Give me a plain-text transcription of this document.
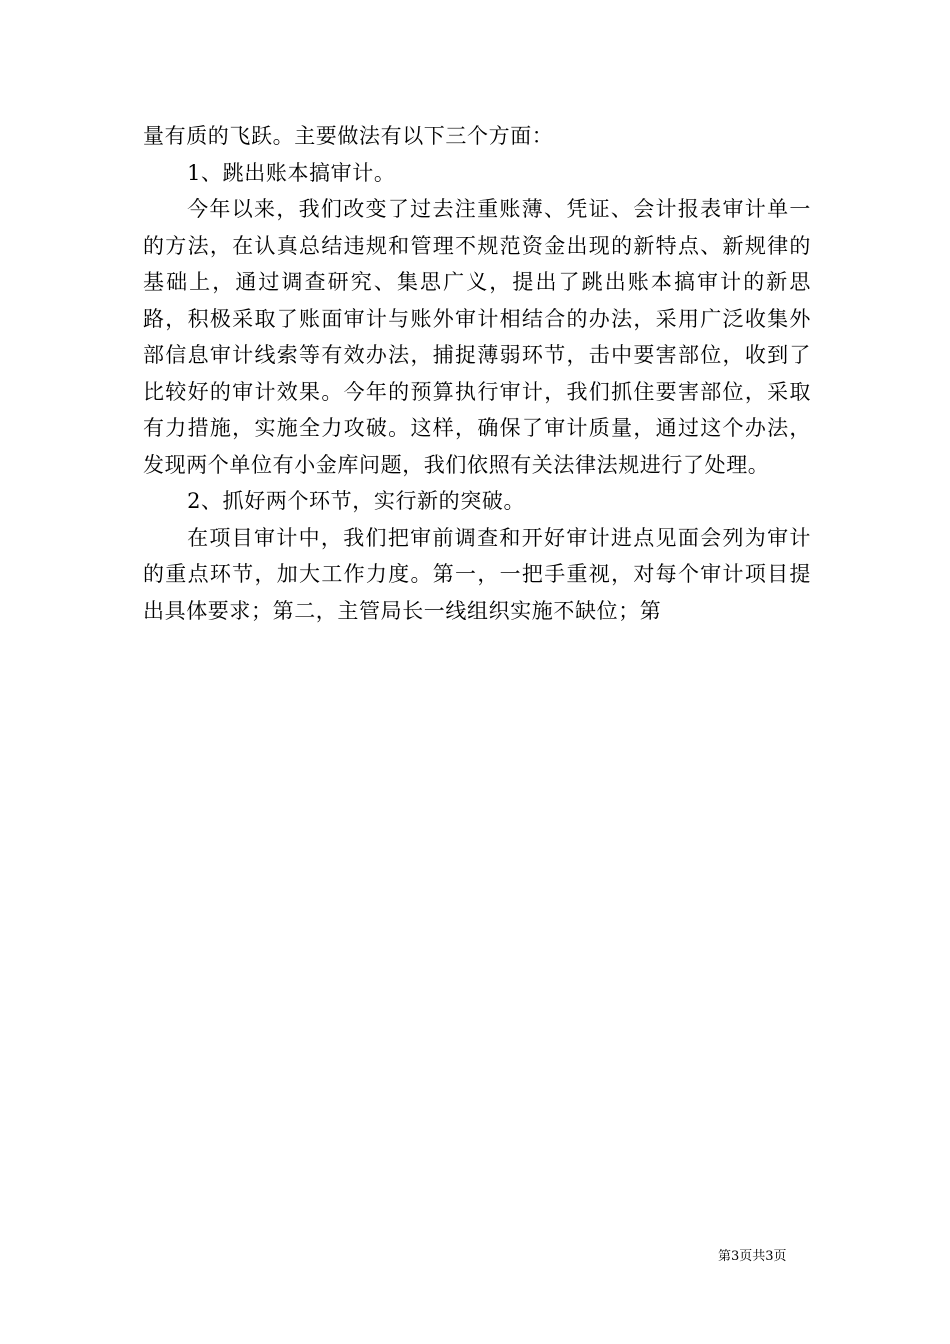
量有质的飞跃。主要做法有以下三个方面：

1、跳出账本搞审计。

今年以来，我们改变了过去注重账薄、凭证、会计报表审计单一的方法，在认真总结违规和管理不规范资金出现的新特点、新规律的基础上，通过调查研究、集思广义，提出了跳出账本搞审计的新思路，积极采取了账面审计与账外审计相结合的办法，采用广泛收集外部信息审计线索等有效办法，捕捉薄弱环节，击中要害部位，收到了比较好的审计效果。今年的预算执行审计，我们抓住要害部位，采取有力措施，实施全力攻破。这样，确保了审计质量，通过这个办法，发现两个单位有小金库问题，我们依照有关法律法规进行了处理。

2、抓好两个环节，实行新的突破。

在项目审计中，我们把审前调查和开好审计进点见面会列为审计的重点环节，加大工作力度。第一，一把手重视，对每个审计项目提出具体要求；第二，主管局长一线组织实施不缺位；第

第3页共3页
